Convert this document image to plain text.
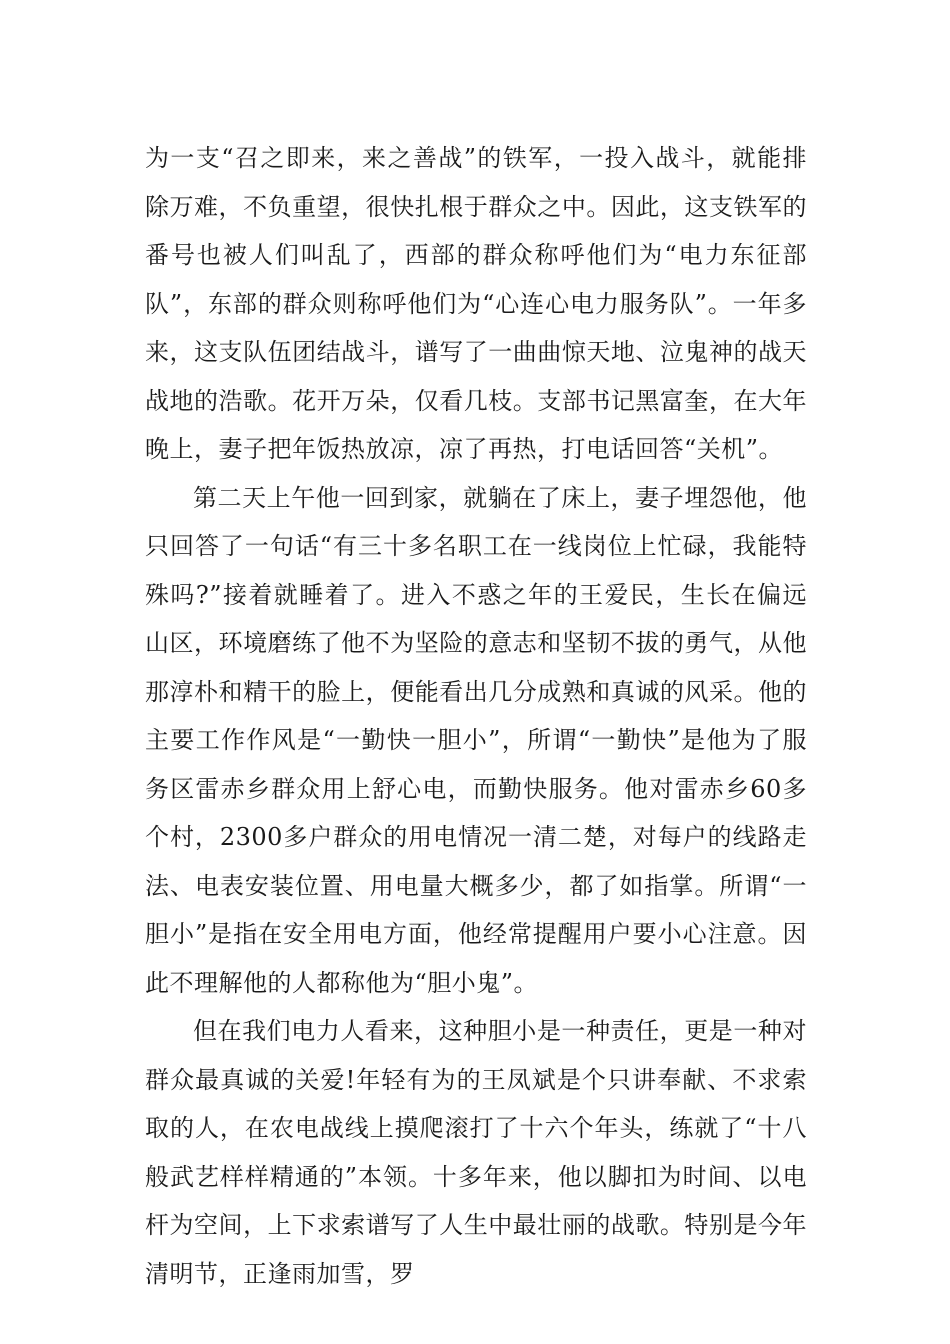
为一支“召之即来，来之善战”的铁军，一投入战斗，就能排除万难，不负重望，很快扎根于群众之中。因此，这支铁军的番号也被人们叫乱了，西部的群众称呼他们为“电力东征部队”，东部的群众则称呼他们为“心连心电力服务队”。一年多来，这支队伍团结战斗，谱写了一曲曲惊天地、泣鬼神的战天战地的浩歌。花开万朵，仅看几枝。支部书记黑富奎，在大年晚上，妻子把年饭热放凉，凉了再热，打电话回答“关机”。

第二天上午他一回到家，就躺在了床上，妻子埋怨他，他只回答了一句话“有三十多名职工在一线岗位上忙碌，我能特殊吗?”接着就睡着了。进入不惑之年的王爱民，生长在偏远山区，环境磨练了他不为坚险的意志和坚韧不拔的勇气，从他那淳朴和精干的脸上，便能看出几分成熟和真诚的风采。他的主要工作作风是“一勤快一胆小”，所谓“一勤快”是他为了服务区雷赤乡群众用上舒心电，而勤快服务。他对雷赤乡60多个村，2300多户群众的用电情况一清二楚，对每户的线路走法、电表安装位置、用电量大概多少，都了如指掌。所谓“一胆小”是指在安全用电方面，他经常提醒用户要小心注意。因此不理解他的人都称他为“胆小鬼”。

但在我们电力人看来，这种胆小是一种责任，更是一种对群众最真诚的关爱!年轻有为的王凤斌是个只讲奉献、不求索取的人，在农电战线上摸爬滚打了十六个年头，练就了“十八般武艺样样精通的”本领。十多年来，他以脚扣为时间、以电杆为空间，上下求索谱写了人生中最壮丽的战歌。特别是今年清明节，正逢雨加雪，罗
